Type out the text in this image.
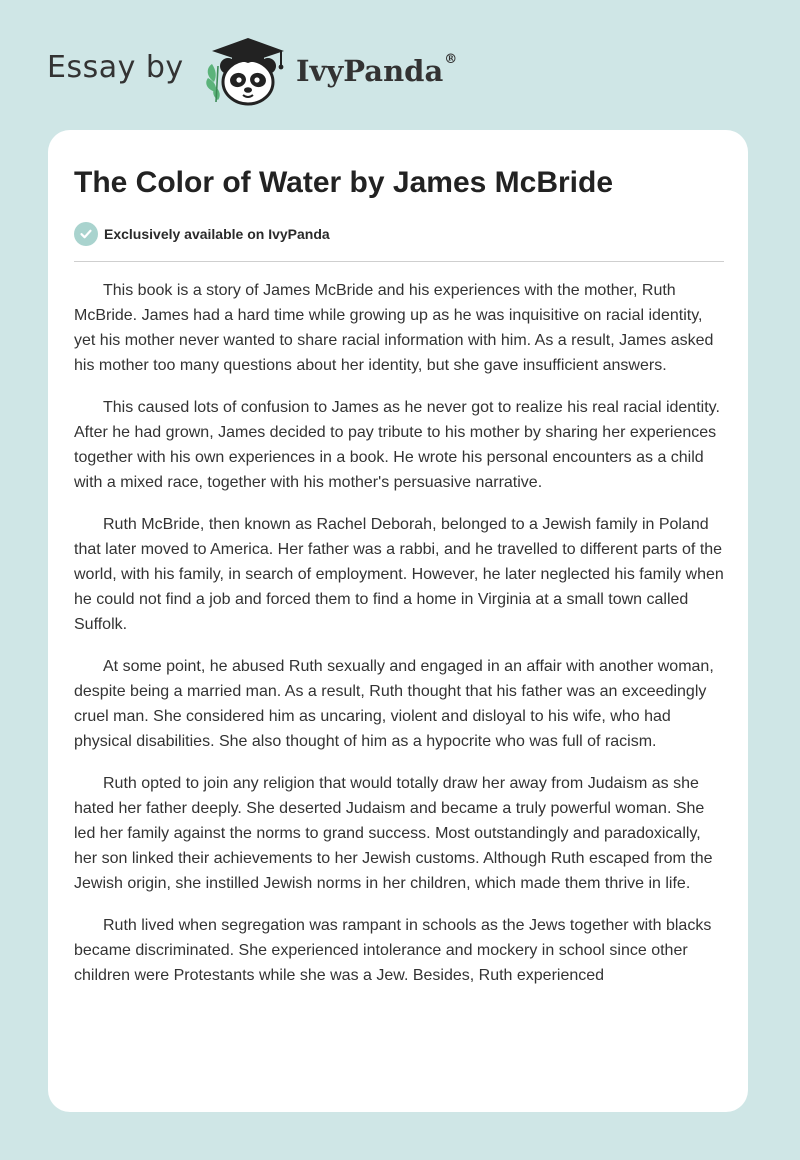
Essay by	IvyPanda®
The Color of Water by James McBride
Exclusively available on IvyPanda

This book is a story of James McBride and his experiences with the mother, Ruth McBride. James had a hard time while growing up as he was inquisitive on racial identity, yet his mother never wanted to share racial information with him. As a result, James asked his mother too many questions about her identity, but she gave insufficient answers.

This caused lots of confusion to James as he never got to realize his real racial identity. After he had grown, James decided to pay tribute to his mother by sharing her experiences together with his own experiences in a book. He wrote his personal encounters as a child with a mixed race, together with his mother's persuasive narrative.

Ruth McBride, then known as Rachel Deborah, belonged to a Jewish family in Poland that later moved to America. Her father was a rabbi, and he travelled to different parts of the world, with his family, in search of employment. However, he later neglected his family when he could not find a job and forced them to find a home in Virginia at a small town called Suffolk.

At some point, he abused Ruth sexually and engaged in an affair with another woman, despite being a married man. As a result, Ruth thought that his father was an exceedingly cruel man. She considered him as uncaring, violent and disloyal to his wife, who had physical disabilities. She also thought of him as a hypocrite who was full of racism.

Ruth opted to join any religion that would totally draw her away from Judaism as she hated her father deeply. She deserted Judaism and became a truly powerful woman. She led her family against the norms to grand success. Most outstandingly and paradoxically, her son linked their achievements to her Jewish customs. Although Ruth escaped from the Jewish origin, she instilled Jewish norms in her children, which made them thrive in life.

Ruth lived when segregation was rampant in schools as the Jews together with blacks became discriminated. She experienced intolerance and mockery in school since other children were Protestants while she was a Jew. Besides, Ruth experienced
